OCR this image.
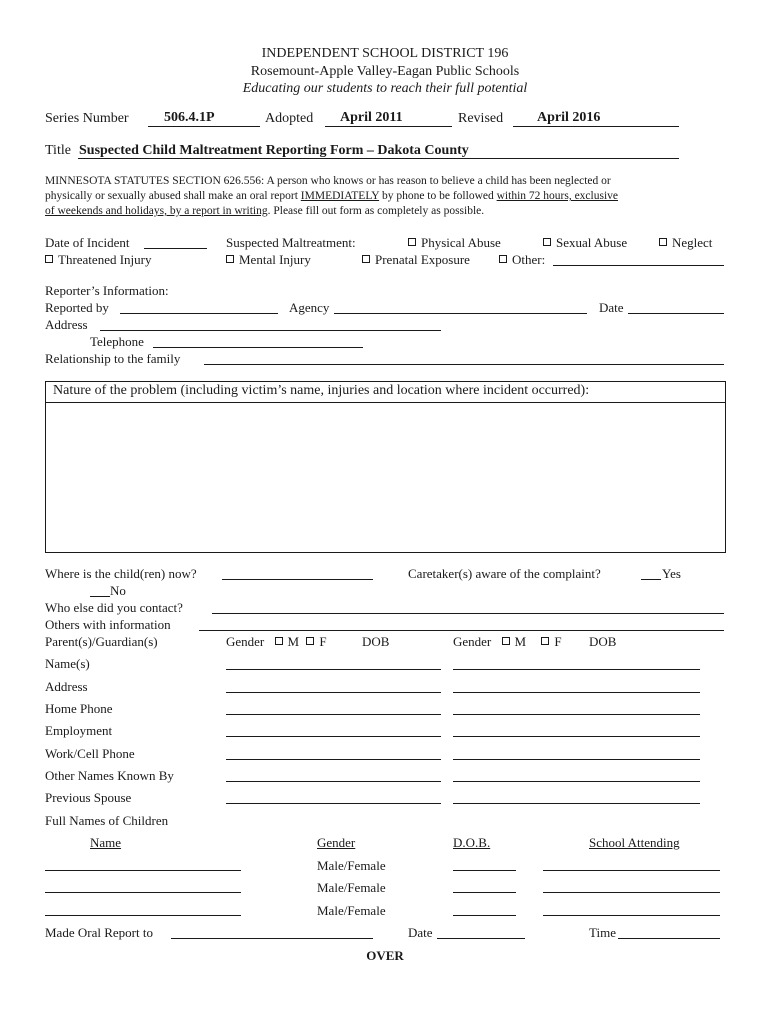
INDEPENDENT SCHOOL DISTRICT 196
Rosemount-Apple Valley-Eagan Public Schools
Educating our students to reach their full potential
Series Number	506.4.1P	Adopted April 2011	Revised April 2016
Title Suspected Child Maltreatment Reporting Form – Dakota County
MINNESOTA STATUTES SECTION 626.556: A person who knows or has reason to believe a child has been neglected or
physically or sexually abused shall make an oral report IMMEDIATELY by phone to be followed within 72 hours, exclusive
of weekends and holidays, by a report in writing. Please fill out form as completely as possible.
Date of Incident	Suspected Maltreatment:	Physical Abuse	Sexual Abuse	Neglect
Threatened Injury	Mental Injury	Prenatal Exposure	Other:
Reporter’s Information:
Reported by	Agency	Date
Address
Telephone
Relationship to the family
Nature of the problem (including victim’s name, injuries and location where incident occurred):
Where is the child(ren) now?	Caretaker(s) aware of the complaint?	Yes
No
Who else did you contact?
Others with information
Parent(s)/Guardian(s)	Gender M F	DOB	Gender M F DOB
Name(s)
Address
Home Phone
Employment
Work/Cell Phone
Other Names Known By
Previous Spouse
Full Names of Children
Name	Gender	D.O.B.	School Attending
Male/Female
Male/Female
Male/Female
Made Oral Report to	Date	Time
OVER
